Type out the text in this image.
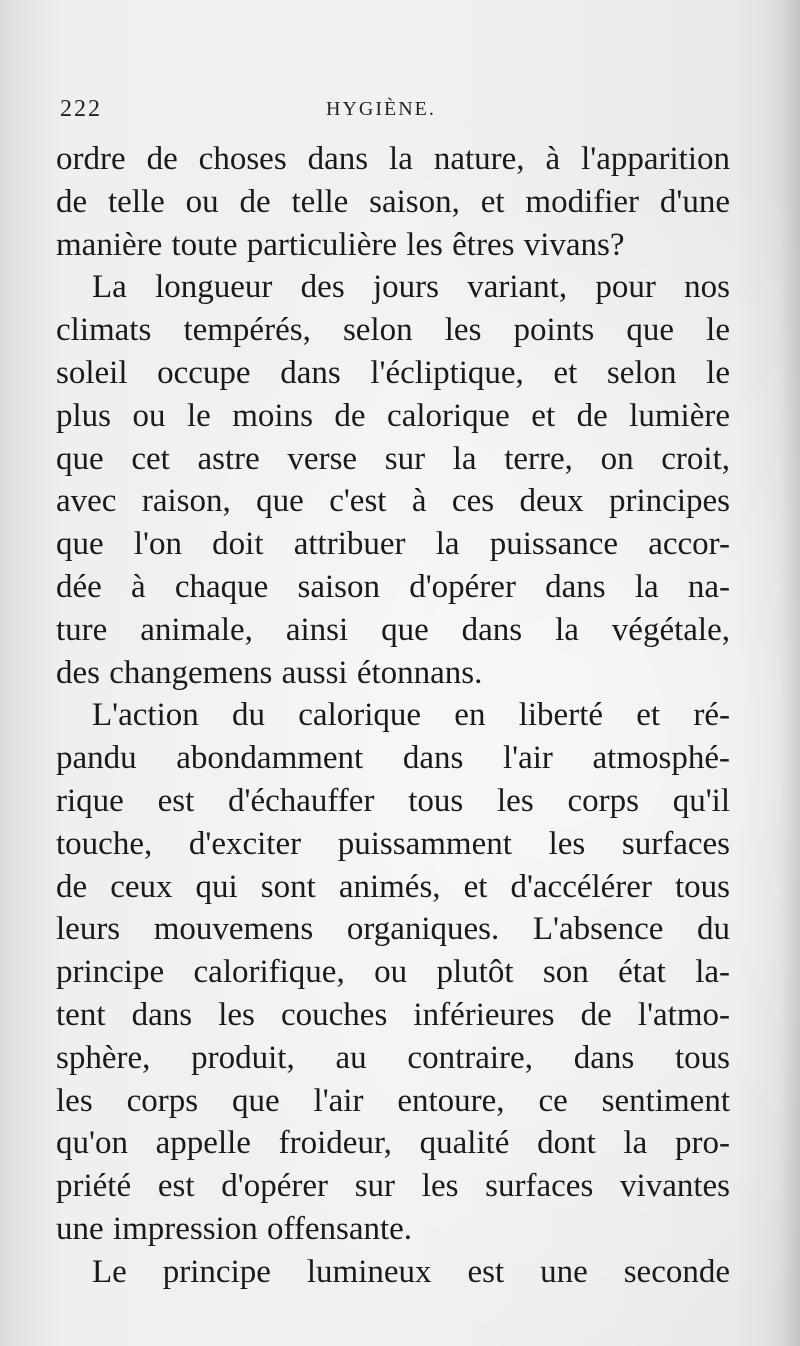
222	HYGIÈNE.
ordre de choses dans la nature, à l'apparition
de telle ou de telle saison, et modifier d'une
manière toute particulière les êtres vivans?
La longueur des jours variant, pour nos
climats tempérés, selon les points que le
soleil occupe dans l'écliptique, et selon le
plus ou le moins de calorique et de lumière
que cet astre verse sur la terre, on croit,
avec raison, que c'est à ces deux principes
que l'on doit attribuer la puissance accor-
dée à chaque saison d'opérer dans la na-
ture animale, ainsi que dans la végétale,
des changemens aussi étonnans.
L'action du calorique en liberté et ré-
pandu abondamment dans l'air atmosphé-
rique est d'échauffer tous les corps qu'il
touche, d'exciter puissamment les surfaces
de ceux qui sont animés, et d'accélérer tous
leurs mouvemens organiques. L'absence du
principe calorifique, ou plutôt son état la-
tent dans les couches inférieures de l'atmo-
sphère, produit, au contraire, dans tous
les corps que l'air entoure, ce sentiment
qu'on appelle froideur, qualité dont la pro-
priété est d'opérer sur les surfaces vivantes
une impression offensante.
Le principe lumineux est une seconde
